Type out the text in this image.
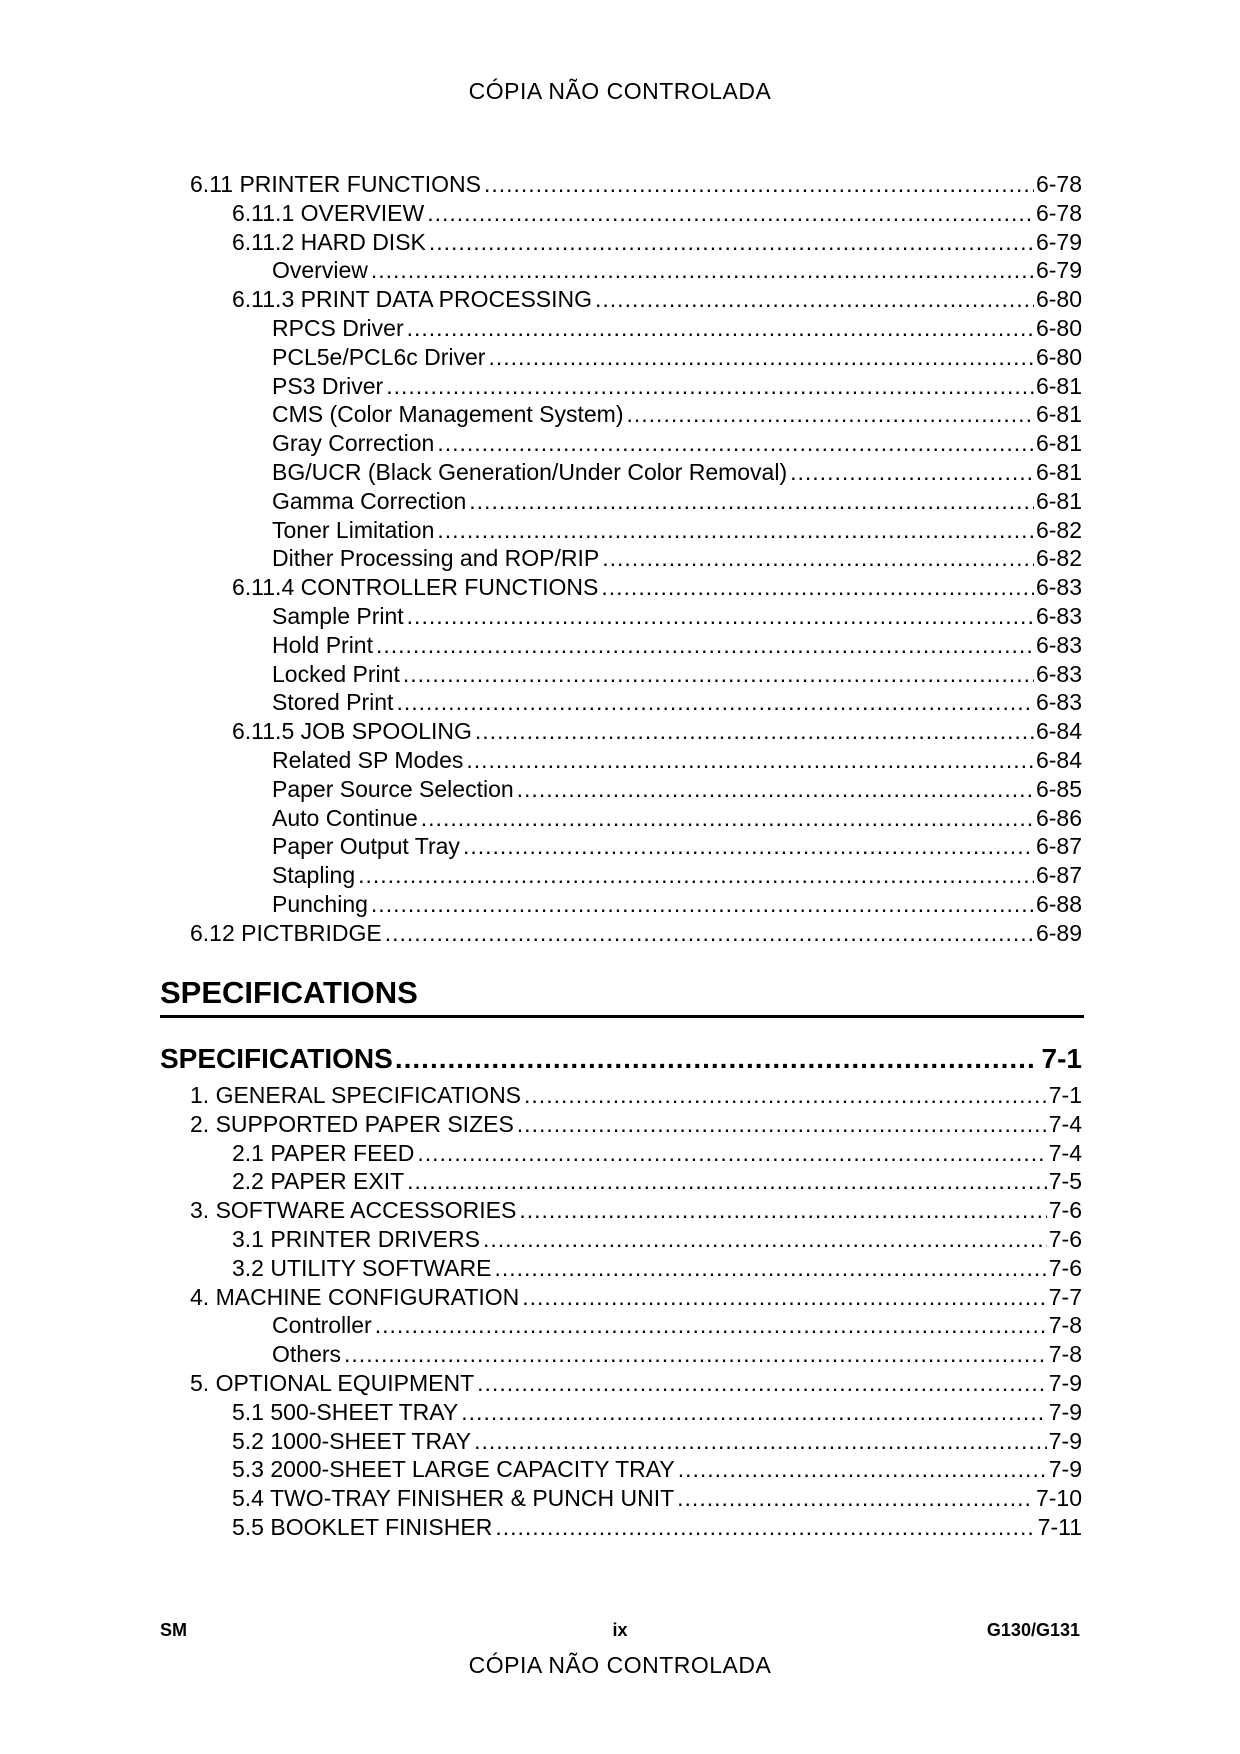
CÓPIA NÃO CONTROLADA
6.11 PRINTER FUNCTIONS .....	6-78
6.11.1 OVERVIEW .....	6-78
6.11.2 HARD DISK .....	6-79
Overview .....	6-79
6.11.3 PRINT DATA PROCESSING .....	6-80
RPCS Driver .....	6-80
PCL5e/PCL6c Driver .....	6-80
PS3 Driver .....	6-81
CMS (Color Management System) .....	6-81
Gray Correction .....	6-81
BG/UCR (Black Generation/Under Color Removal) .....	6-81
Gamma Correction .....	6-81
Toner Limitation .....	6-82
Dither Processing and ROP/RIP .....	6-82
6.11.4 CONTROLLER FUNCTIONS .....	6-83
Sample Print .....	6-83
Hold Print .....	6-83
Locked Print .....	6-83
Stored Print .....	6-83
6.11.5 JOB SPOOLING .....	6-84
Related SP Modes .....	6-84
Paper Source Selection .....	6-85
Auto Continue .....	6-86
Paper Output Tray .....	6-87
Stapling .....	6-87
Punching .....	6-88
6.12 PICTBRIDGE .....	6-89
SPECIFICATIONS
SPECIFICATIONS .....	7-1
1. GENERAL SPECIFICATIONS .....	7-1
2. SUPPORTED PAPER SIZES .....	7-4
2.1 PAPER FEED .....	7-4
2.2 PAPER EXIT .....	7-5
3. SOFTWARE ACCESSORIES .....	7-6
3.1 PRINTER DRIVERS .....	7-6
3.2 UTILITY SOFTWARE .....	7-6
4. MACHINE CONFIGURATION .....	7-7
Controller .....	7-8
Others .....	7-8
5. OPTIONAL EQUIPMENT .....	7-9
5.1 500-SHEET TRAY .....	7-9
5.2 1000-SHEET TRAY .....	7-9
5.3 2000-SHEET LARGE CAPACITY TRAY .....	7-9
5.4 TWO-TRAY FINISHER & PUNCH UNIT .....	7-10
5.5 BOOKLET FINISHER .....	7-11
SM	ix	G130/G131
CÓPIA NÃO CONTROLADA
